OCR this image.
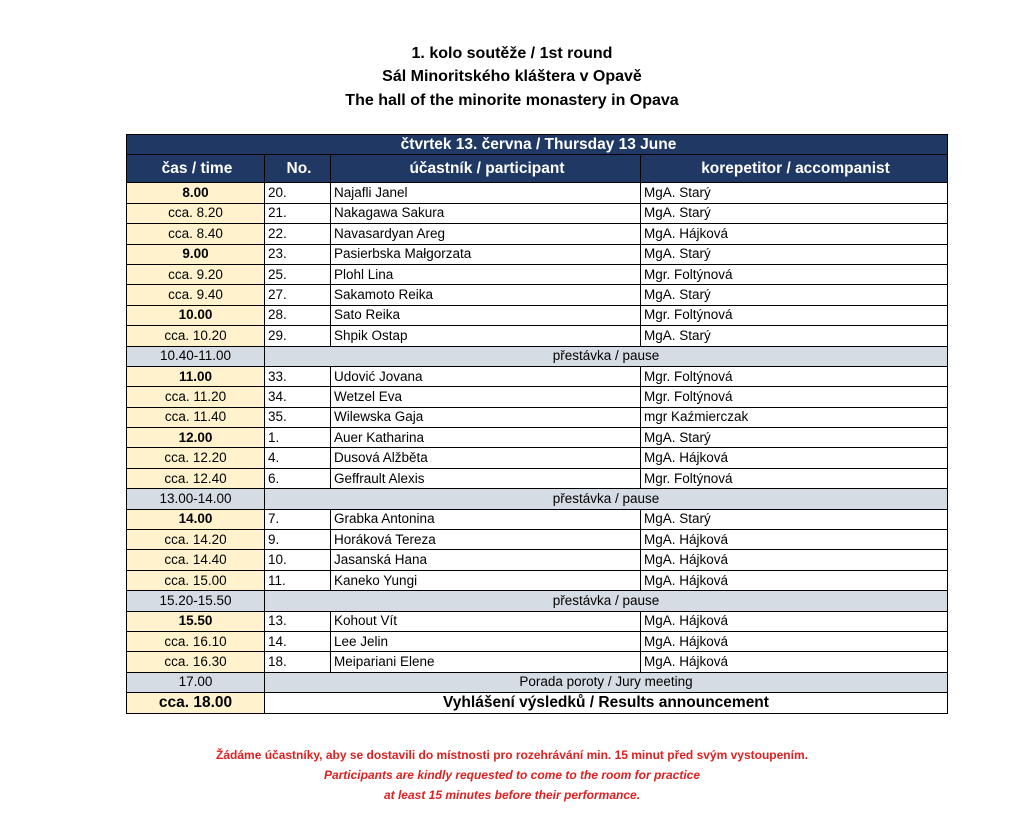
1. kolo soutěže / 1st round
Sál Minoritského kláštera v Opavě
The hall of the minorite monastery in Opava
čtvrtek 13. června / Thursday 13 June			
čas / time	No.	účastník / participant	korepetitor / accompanist
8.00	20.	Najafli Janel	MgA. Starý
cca. 8.20	21.	Nakagawa Sakura	MgA. Starý
cca. 8.40	22.	Navasardyan Areg	MgA. Hájková
9.00	23.	Pasierbska Małgorzata	MgA. Starý
cca. 9.20	25.	Plohl Lina	Mgr. Foltýnová
cca. 9.40	27.	Sakamoto Reika	MgA. Starý
10.00	28.	Sato Reika	Mgr. Foltýnová
cca. 10.20	29.	Shpik Ostap	MgA. Starý
10.40-11.00	přestávka / pause		
11.00	33.	Udović Jovana	Mgr. Foltýnová
cca. 11.20	34.	Wetzel Eva	Mgr. Foltýnová
cca. 11.40	35.	Wilewska Gaja	mgr Kaźmierczak
12.00	1.	Auer Katharina	MgA. Starý
cca. 12.20	4.	Dusová Alžběta	MgA. Hájková
cca. 12.40	6.	Geffrault Alexis	Mgr. Foltýnová
13.00-14.00	přestávka / pause		
14.00	7.	Grabka Antonina	MgA. Starý
cca. 14.20	9.	Horáková Tereza	MgA. Hájková
cca. 14.40	10.	Jasanská Hana	MgA. Hájková
cca. 15.00	11.	Kaneko Yungi	MgA. Hájková
15.20-15.50	přestávka / pause		
15.50	13.	Kohout Vít	MgA. Hájková
cca. 16.10	14.	Lee Jelin	MgA. Hájková
cca. 16.30	18.	Meipariani Elene	MgA. Hájková
17.00	Porada poroty / Jury meeting		
cca. 18.00	Vyhlášení výsledků / Results announcement		
Žádáme účastníky, aby se dostavili do místnosti pro rozehrávání min. 15 minut před svým vystoupením.
Participants are kindly requested to come to the room for practice
at least 15 minutes before their performance.
